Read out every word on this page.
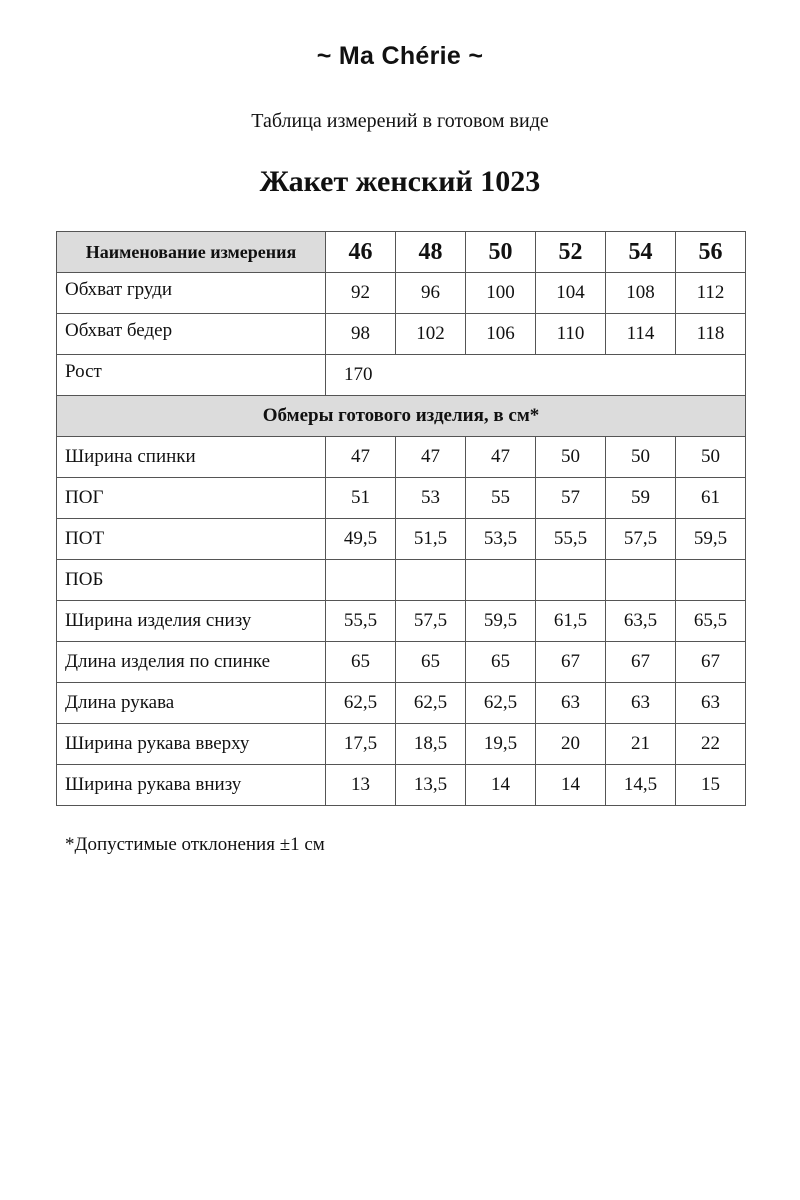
~ Ma Chérie ~
Таблица измерений в готовом виде
Жакет женский 1023
Наименование измерения	46	48	50	52	54	56
Обхват груди	92	96	100	104	108	112
Обхват бедер	98	102	106	110	114	118
Рост	170					
Обмеры готового изделия, в см*						
Ширина спинки	47	47	47	50	50	50
ПОГ	51	53	55	57	59	61
ПОТ	49,5	51,5	53,5	55,5	57,5	59,5
ПОБ						
Ширина изделия снизу	55,5	57,5	59,5	61,5	63,5	65,5
Длина изделия по спинке	65	65	65	67	67	67
Длина рукава	62,5	62,5	62,5	63	63	63
Ширина рукава вверху	17,5	18,5	19,5	20	21	22
Ширина рукава внизу	13	13,5	14	14	14,5	15
*Допустимые отклонения ±1 см
